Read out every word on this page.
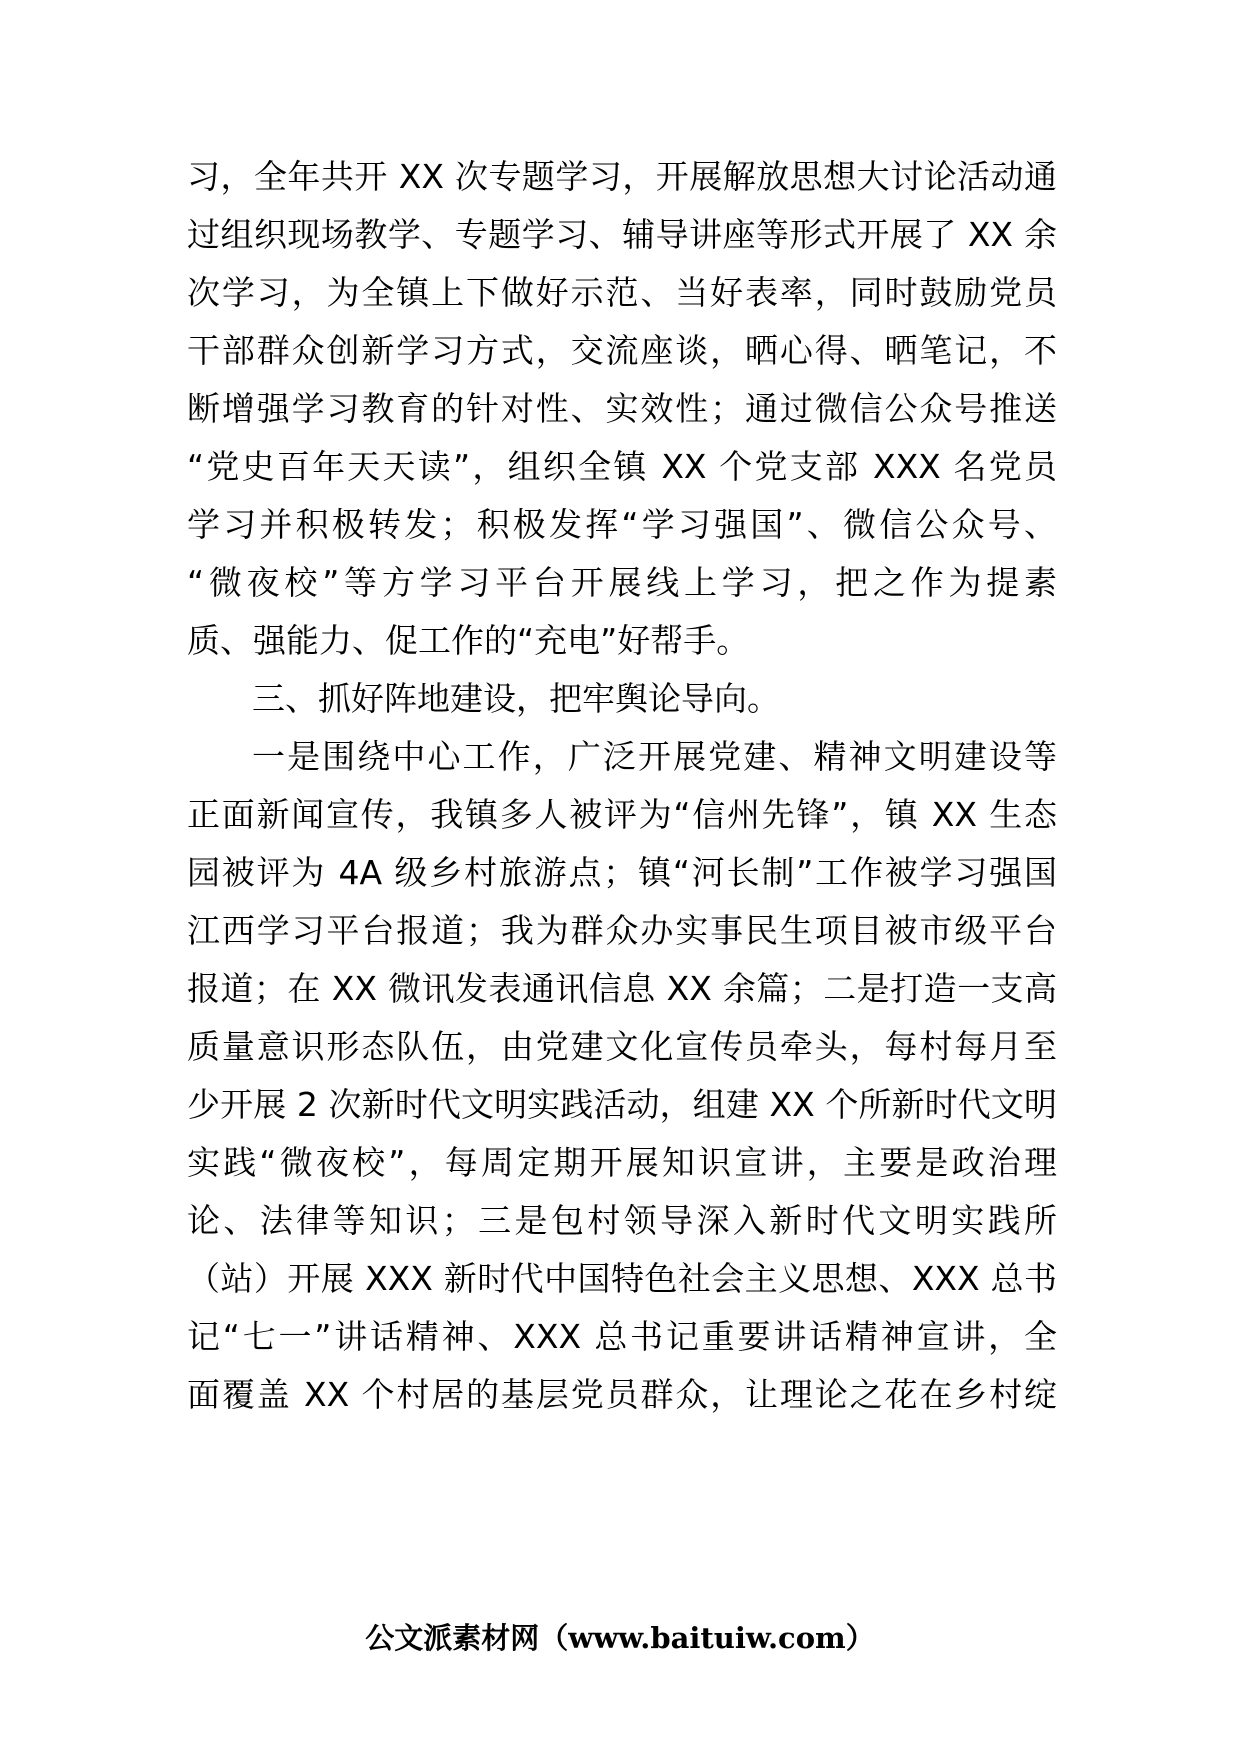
习，全年共开 XX 次专题学习，开展解放思想大讨论活动通
过组织现场教学、专题学习、辅导讲座等形式开展了 XX 余
次学习，为全镇上下做好示范、当好表率，同时鼓励党员
干部群众创新学习方式，交流座谈，晒心得、晒笔记，不
断增强学习教育的针对性、实效性；通过微信公众号推送
“党史百年天天读”，组织全镇 XX 个党支部 XXX 名党员
学习并积极转发；积极发挥“学习强国”、微信公众号、
“微夜校”等方学习平台开展线上学习，把之作为提素
质、强能力、促工作的“充电”好帮手。
三、抓好阵地建设，把牢舆论导向。
一是围绕中心工作，广泛开展党建、精神文明建设等
正面新闻宣传，我镇多人被评为“信州先锋”，镇 XX 生态
园被评为 4A 级乡村旅游点；镇“河长制”工作被学习强国
江西学习平台报道；我为群众办实事民生项目被市级平台
报道；在 XX 微讯发表通讯信息 XX 余篇；二是打造一支高
质量意识形态队伍，由党建文化宣传员牵头，每村每月至
少开展 2 次新时代文明实践活动，组建 XX 个所新时代文明
实践“微夜校”，每周定期开展知识宣讲，主要是政治理
论、法律等知识；三是包村领导深入新时代文明实践所
（站）开展 XXX 新时代中国特色社会主义思想、XXX 总书
记“七一”讲话精神、XXX 总书记重要讲话精神宣讲，全
面覆盖 XX 个村居的基层党员群众，让理论之花在乡村绽
公文派素材网（www.baituiw.com）
